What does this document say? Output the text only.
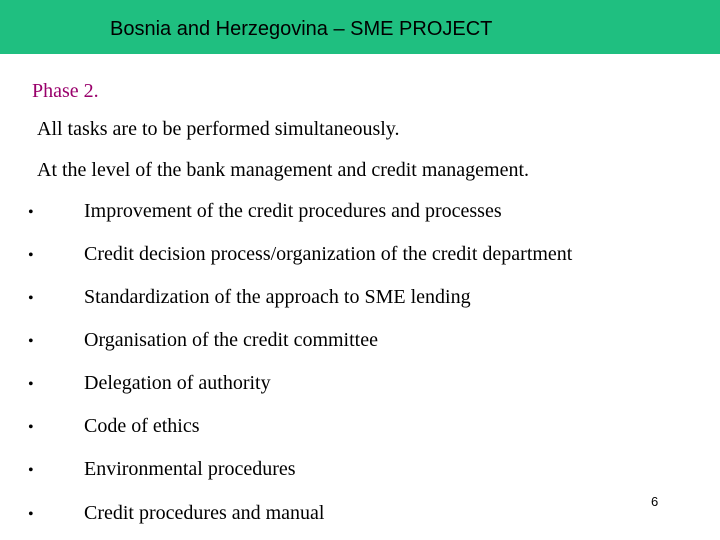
Bosnia and Herzegovina – SME PROJECT
Phase 2.
All tasks are to be performed simultaneously.
At the level of the bank management and credit management.
•	Improvement of the credit procedures and processes
•	Credit decision process/organization of the credit department
•	Standardization of the approach to SME lending
•	Organisation of the credit committee
•	Delegation of authority
•	Code of ethics
•	Environmental procedures
•	Credit procedures and manual
6
